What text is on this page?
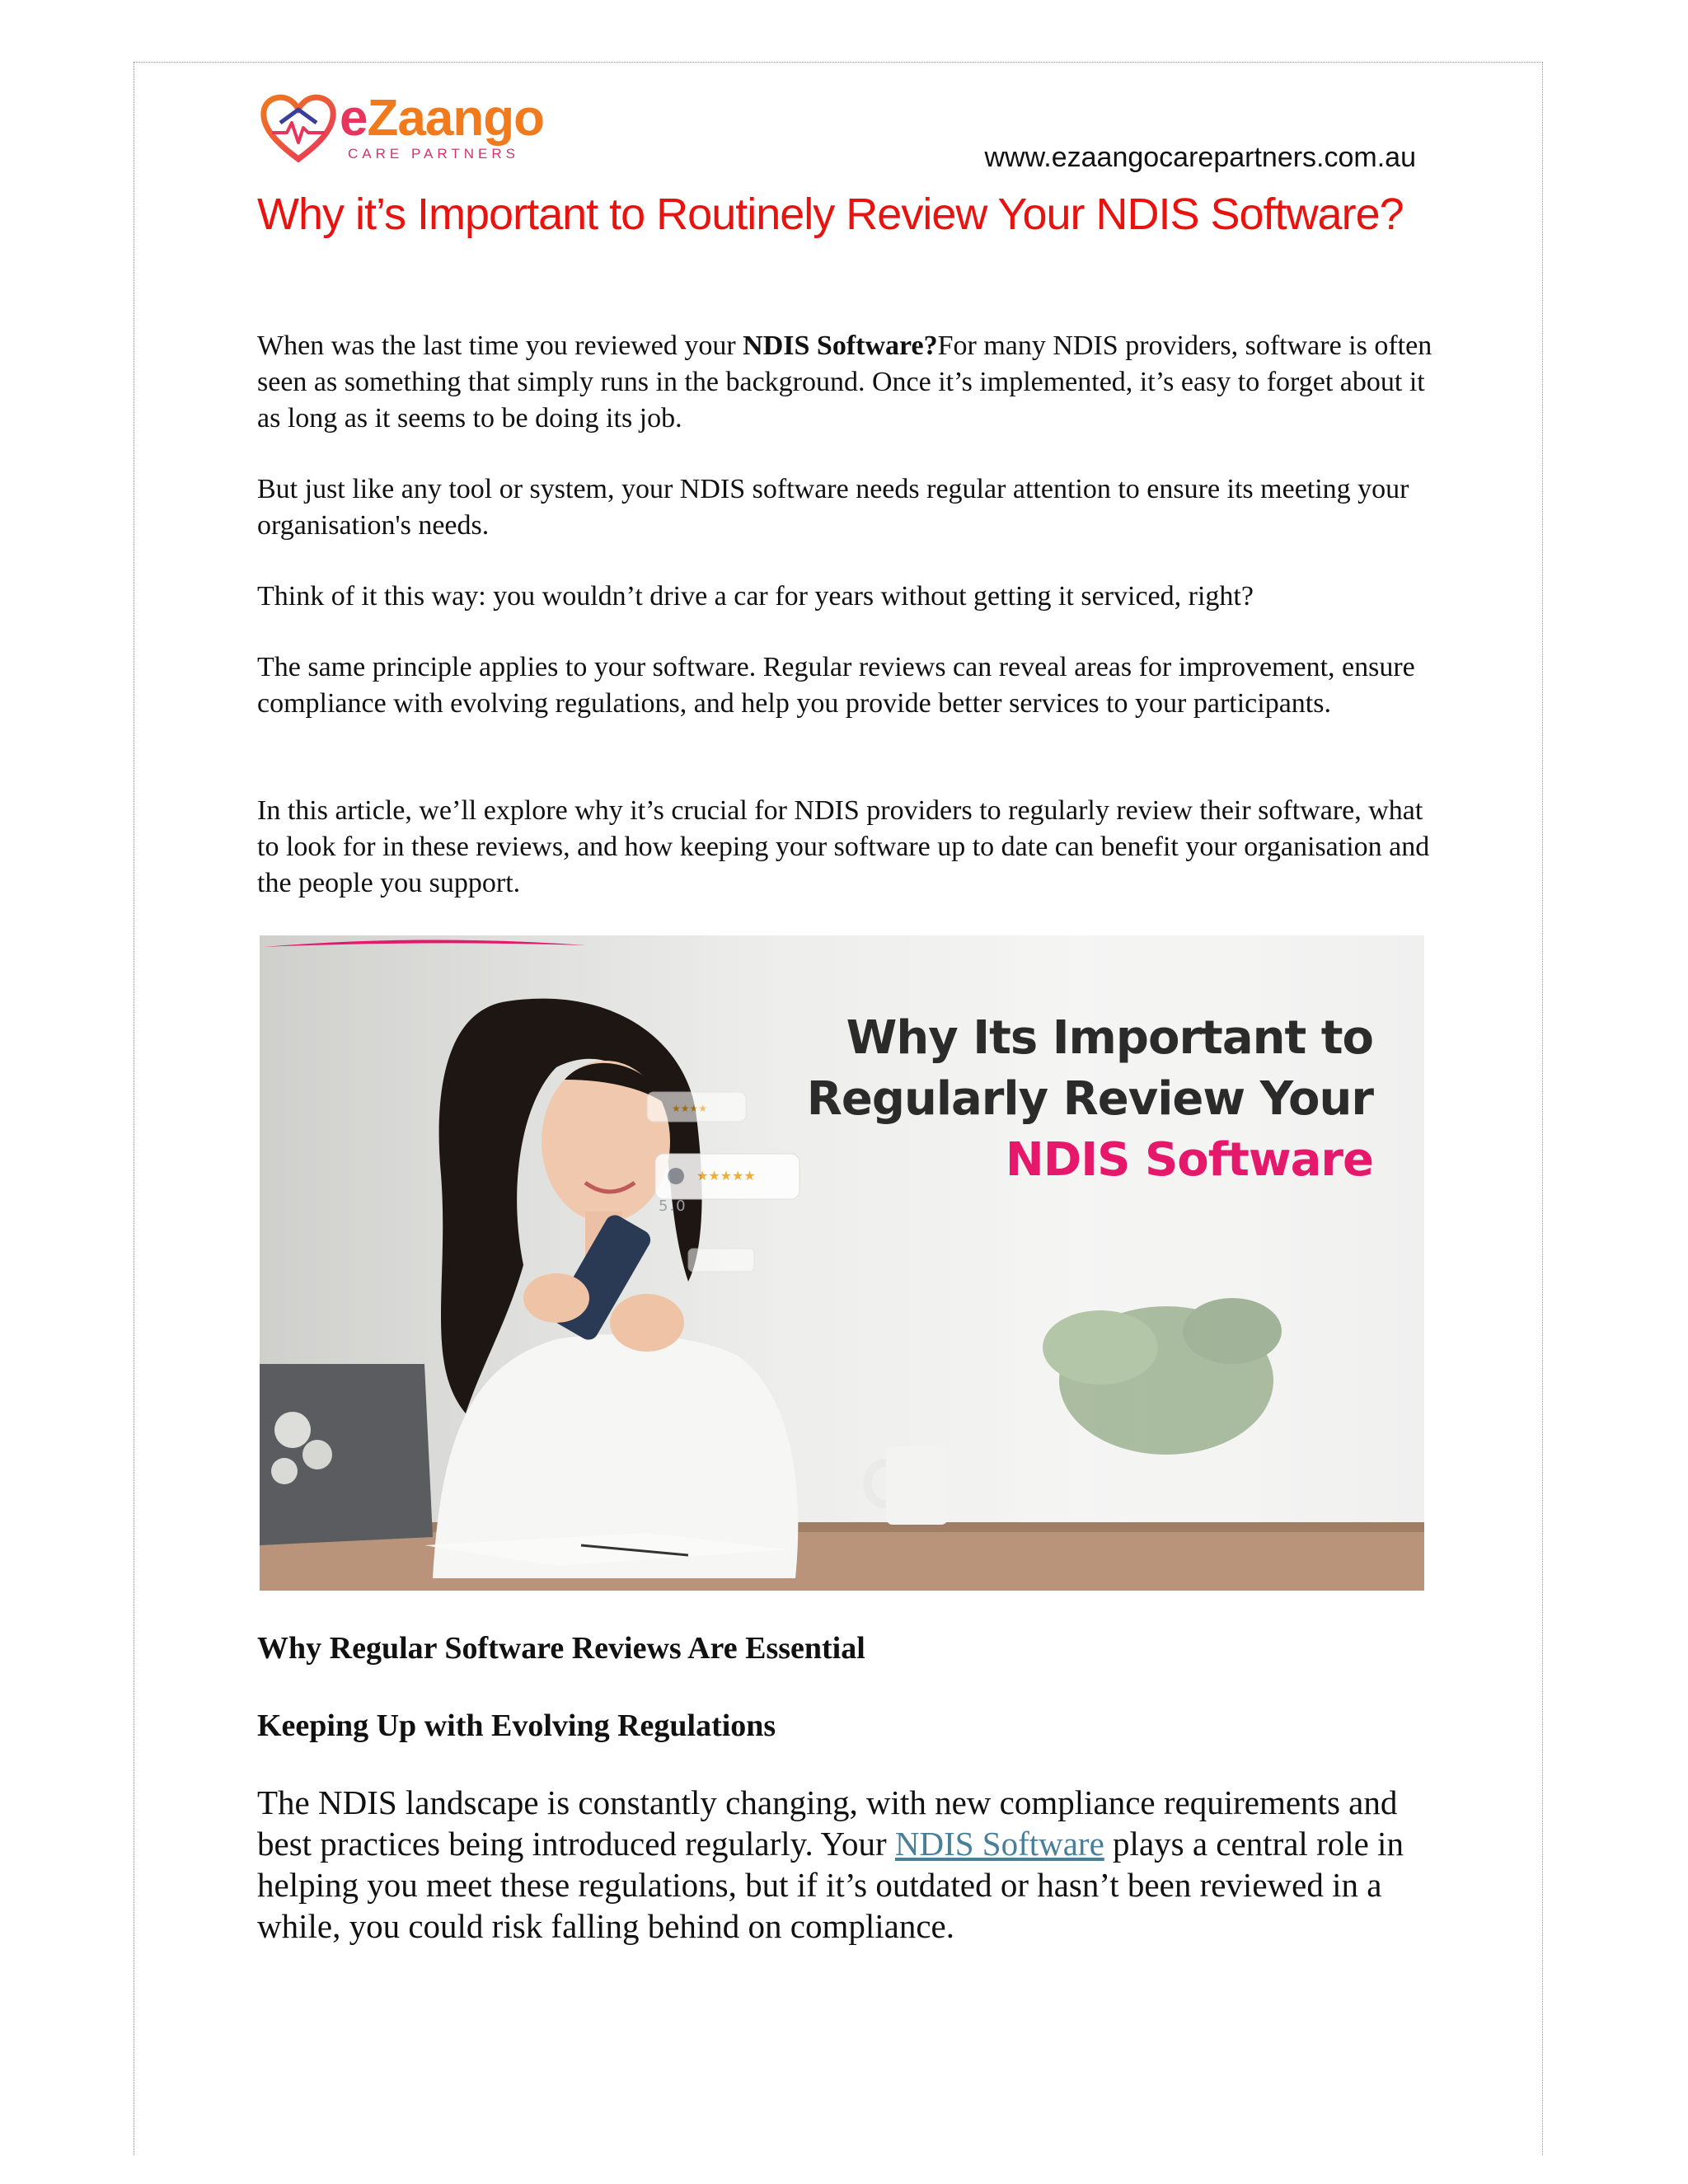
eZaango
CARE PARTNERS	www.ezaangocarepartners.com.au
Why it’s Important to Routinely Review Your NDIS Software?

When was the last time you reviewed your NDIS Software?For many NDIS providers, software is often seen as something that simply runs in the background. Once it’s implemented, it’s easy to forget about it as long as it seems to be doing its job.

But just like any tool or system, your NDIS software needs regular attention to ensure its meeting your organisation's needs.

Think of it this way: you wouldn’t drive a car for years without getting it serviced, right?

The same principle applies to your software. Regular reviews can reveal areas for improvement, ensure compliance with evolving regulations, and help you provide better services to your participants.

In this article, we’ll explore why it’s crucial for NDIS providers to regularly review their software, what to look for in these reviews, and how keeping your software up to date can benefit your organisation and the people you support.

★★★★★
★★★★
5.0
Why Its Important to
Regularly Review Your
NDIS Software
Why Regular Software Reviews Are Essential
Keeping Up with Evolving Regulations

The NDIS landscape is constantly changing, with new compliance requirements and best practices being introduced regularly. Your NDIS Software plays a central role in helping you meet these regulations, but if it’s outdated or hasn’t been reviewed in a while, you could risk falling behind on compliance.
